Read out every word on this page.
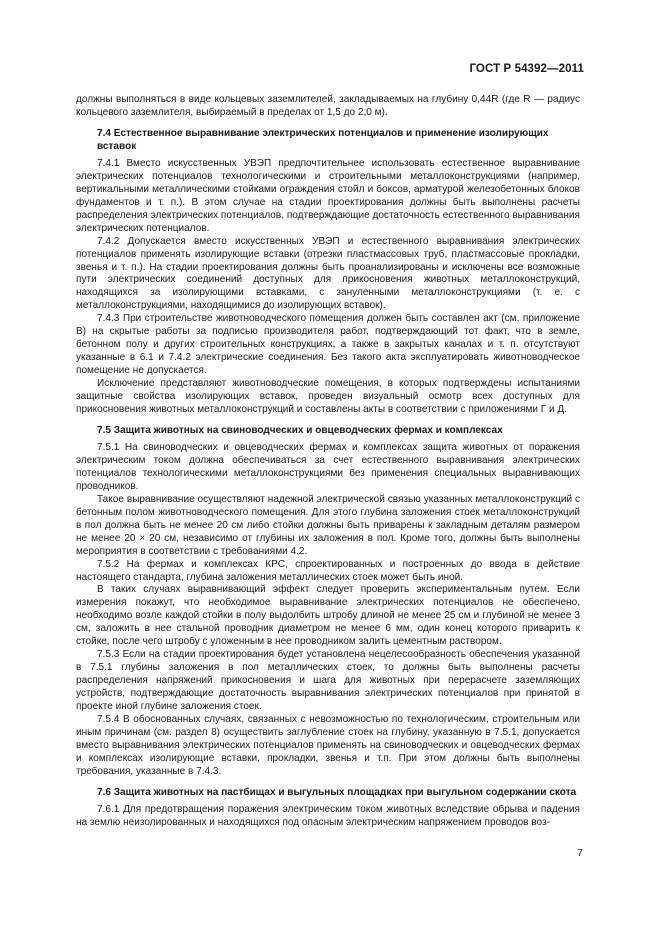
ГОСТ Р 54392—2011

должны выполняться в виде кольцевых заземлителей, закладываемых на глубину 0,44R (где R — радиус кольцевого заземлителя, выбираемый в пределах от 1,5 до 2,0 м).

7.4 Естественное выравнивание электрических потенциалов и применение изолирующих вставок

7.4.1 Вместо искусственных УВЭП предпочтительнее использовать естественное выравнивание электрических потенциалов технологическими и строительными металлоконструкциями (например, вертикальными металлическими стойками ограждения стойл и боксов, арматурой железобетонных блоков фундаментов и т. п.). В этом случае на стадии проектирования должны быть выполнены расчеты распределения электрических потенциалов, подтверждающие достаточность естественного выравнивания электрических потенциалов.

7.4.2 Допускается вместо искусственных УВЭП и естественного выравнивания электрических потенциалов применять изолирующие вставки (отрезки пластмассовых труб, пластмассовые прокладки, звенья и т. п.). На стадии проектирования должны быть проанализированы и исключены все возможные пути электрических соединений доступных для прикосновения животных металлоконструкций, находящихся за изолирующими вставками, с зануленными металлоконструкциями (т. е. с металлоконструкциями, находящимися до изолирующих вставок).

7.4.3 При строительстве животноводческого помещения должен быть составлен акт (см. приложение В) на скрытые работы за подписью производителя работ, подтверждающий тот факт, что в земле, бетонном полу и других строительных конструкциях, а также в закрытых каналах и т. п. отсутствуют указанные в 6.1 и 7.4.2 электрические соединения. Без такого акта эксплуатировать животноводческое помещение не допускается.

Исключение представляют животноводческие помещения, в которых подтверждены испытаниями защитные свойства изолирующих вставок, проведен визуальный осмотр всех доступных для прикосновения животных металлоконструкций и составлены акты в соответствии с приложениями Г и Д.

7.5 Защита животных на свиноводческих и овцеводческих фермах и комплексах

7.5.1 На свиноводческих и овцеводческих фермах и комплексах защита животных от поражения электрическим током должна обеспечиваться за счет естественного выравнивания электрических потенциалов технологическими металлоконструкциями без применения специальных выравнивающих проводников.

Такое выравнивание осуществляют надежной электрической связью указанных металлоконструкций с бетонным полом животноводческого помещения. Для этого глубина заложения стоек металлоконструкций в пол должна быть не менее 20 см либо стойки должны быть приварены к закладным деталям размером не менее 20 × 20 см, независимо от глубины их заложения в пол. Кроме того, должны быть выполнены мероприятия в соответствии с требованиями 4.2.

7.5.2 На фермах и комплексах КРС, спроектированных и построенных до ввода в действие настоящего стандарта, глубина заложения металлических стоек может быть иной.

В таких случаях выравнивающий эффект следует проверить экспериментальным путем. Если измерения покажут, что необходимое выравнивание электрических потенциалов не обеспечено, необходимо возле каждой стойки в полу выдолбить штробу длиной не менее 25 см и глубиной не менее 3 см, заложить в нее стальной проводник диаметром не менее 6 мм, один конец которого приварить к стойке, после чего штробу с уложенным в нее проводником залить цементным раствором.

7.5.3 Если на стадии проектирования будет установлена нецелесообразность обеспечения указанной в 7.5.1 глубины заложения в пол металлических стоек, то должны быть выполнены расчеты распределения напряжений прикосновения и шага для животных при перерасчете заземляющих устройств, подтверждающие достаточность выравнивания электрических потенциалов при принятой в проекте иной глубине заложения стоек.

7.5.4 В обоснованных случаях, связанных с невозможностью по технологическим, строительным или иным причинам (см. раздел 8) осуществить заглубление стоек на глубину, указанную в 7.5.1, допускается вместо выравнивания электрических потенциалов применять на свиноводческих и овцеводческих фермах и комплексах изолирующие вставки, прокладки, звенья и т.п. При этом должны быть выполнены требования, указанные в 7.4.3.

7.6 Защита животных на пастбищах и выгульных площадках при выгульном содержании скота

7.6.1 Для предотвращения поражения электрическим током животных вследствие обрыва и падения на землю неизолированных и находящихся под опасным электрическим напряжением проводов воз-

7
